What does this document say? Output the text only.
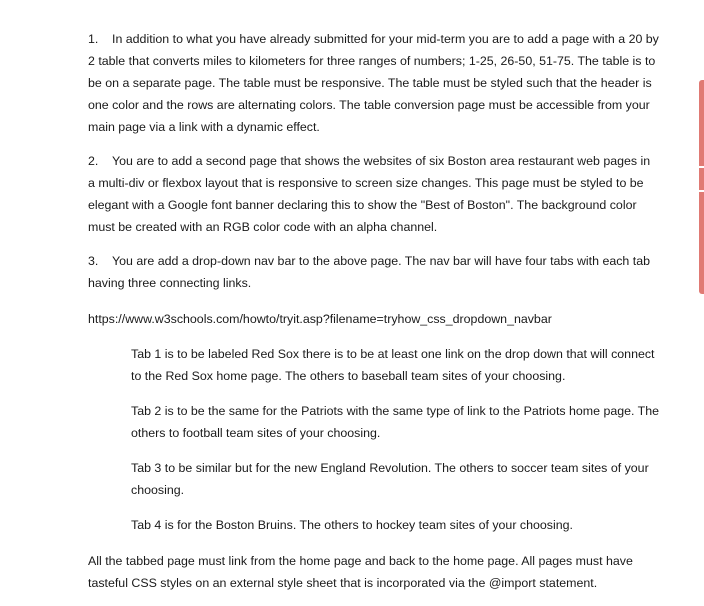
1. In addition to what you have already submitted for your mid-term you are to add a page with a 20 by 2 table that converts miles to kilometers for three ranges of numbers; 1-25, 26-50, 51-75. The table is to be on a separate page. The table must be responsive. The table must be styled such that the header is one color and the rows are alternating colors. The table conversion page must be accessible from your main page via a link with a dynamic effect.

2. You are to add a second page that shows the websites of six Boston area restaurant web pages in a multi-div or flexbox layout that is responsive to screen size changes. This page must be styled to be elegant with a Google font banner declaring this to show the "Best of Boston". The background color must be created with an RGB color code with an alpha channel.

3. You are add a drop-down nav bar to the above page. The nav bar will have four tabs with each tab having three connecting links.

https://www.w3schools.com/howto/tryit.asp?filename=tryhow_css_dropdown_navbar

Tab 1 is to be labeled Red Sox there is to be at least one link on the drop down that will connect to the Red Sox home page. The others to baseball team sites of your choosing.

Tab 2 is to be the same for the Patriots with the same type of link to the Patriots home page. The others to football team sites of your choosing.

Tab 3 to be similar but for the new England Revolution. The others to soccer team sites of your choosing.

Tab 4 is for the Boston Bruins. The others to hockey team sites of your choosing.

All the tabbed page must link from the home page and back to the home page. All pages must have tasteful CSS styles on an external style sheet that is incorporated via the @import statement.
